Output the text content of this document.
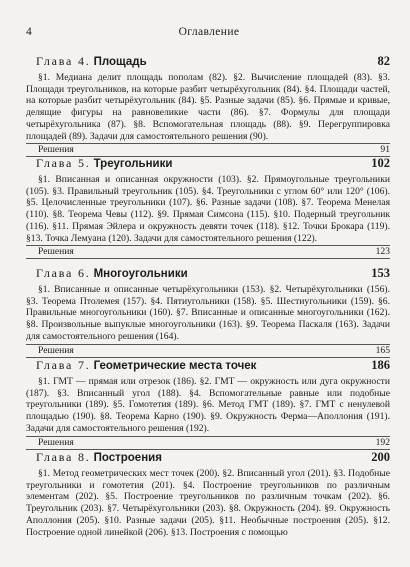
4	Оглавление
Глава 4. Площадь	82

§1. Медиана делит площадь пополам (82). §2. Вычисление площадей (83). §3. Площади треугольников, на которые разбит четырёхугольник (84). §4. Площади частей, на которые разбит четырёхугольник (84). §5. Разные задачи (85). §6. Прямые и кривые, делящие фигуры на равновеликие части (86). §7. Формулы для площади четырёхугольника (87). §8. Вспомогательная площадь (88). §9. Перегруппировка площадей (89). Задачи для самостоятельного решения (90).

Решения	91
Глава 5. Треугольники	102

§1. Вписанная и описанная окружности (103). §2. Прямоугольные треугольники (105). §3. Правильный треугольник (105). §4. Треугольники с углом 60° или 120° (106). §5. Целочисленные треугольники (107). §6. Разные задачи (108). §7. Теорема Менелая (110). §8. Теорема Чевы (112). §9. Прямая Симсона (115). §10. Подерный треугольник (116). §11. Прямая Эйлера и окружность девяти точек (118). §12. Точки Брокара (119). §13. Точка Лемуана (120). Задачи для самостоятельного решения (122).

Решения	123
Глава 6. Многоугольники	153

§1. Вписанные и описанные четырёхугольники (153). §2. Четырёхугольники (156). §3. Теорема Птолемея (157). §4. Пятиугольники (158). §5. Шестиугольники (159). §6. Правильные многоугольники (160). §7. Вписанные и описанные многоугольники (162). §8. Произвольные выпуклые многоугольники (163). §9. Теорема Паскаля (163). Задачи для самостоятельного решения (164).

Решения	165
Глава 7. Геометрические места точек	186

§1. ГМТ — прямая или отрезок (186). §2. ГМТ — окружность или дуга окружности (187). §3. Вписанный угол (188). §4. Вспомогательные равные или подобные треугольники (189). §5. Гомотетия (189). §6. Метод ГМТ (189). §7. ГМТ с ненулевой площадью (190). §8. Теорема Карно (190). §9. Окружность Ферма—Аполлония (191). Задачи для самостоятельного решения (192).

Решения	192
Глава 8. Построения	200

§1. Метод геометрических мест точек (200). §2. Вписанный угол (201). §3. Подобные треугольники и гомотетия (201). §4. Построение треугольников по различным элементам (202). §5. Построение треугольников по различным точкам (202). §6. Треугольник (203). §7. Четырёхугольники (203). §8. Окружность (204). §9. Окружность Аполлония (205). §10. Разные задачи (205). §11. Необычные построения (205). §12. Построение одной линейкой (206). §13. Построения с помощью
